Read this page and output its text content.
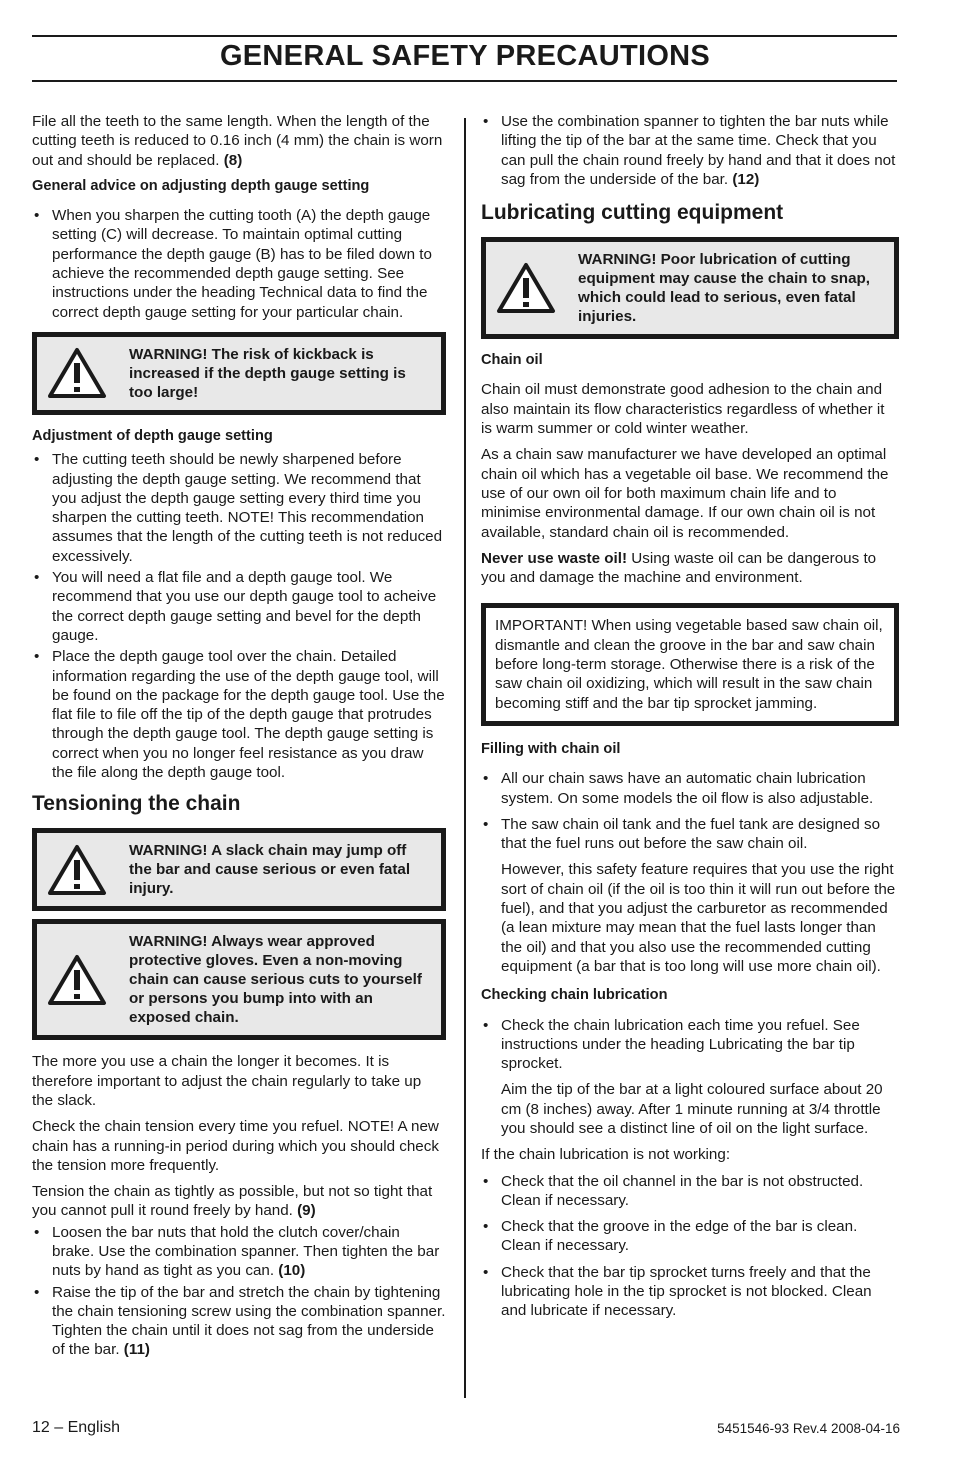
GENERAL SAFETY PRECAUTIONS

File all the teeth to the same length. When the length of the cutting teeth is reduced to 0.16 inch (4 mm) the chain is worn out and should be replaced. (8)

General advice on adjusting depth gauge setting
• When you sharpen the cutting tooth (A) the depth gauge setting (C) will decrease. To maintain optimal cutting performance the depth gauge (B) has to be filed down to achieve the recommended depth gauge setting. See instructions under the heading Technical data to find the correct depth gauge setting for your particular chain.
WARNING! The risk of kickback is increased if the depth gauge setting is too large!
Adjustment of depth gauge setting
• The cutting teeth should be newly sharpened before adjusting the depth gauge setting. We recommend that you adjust the depth gauge setting every third time you sharpen the cutting teeth. NOTE! This recommendation assumes that the length of the cutting teeth is not reduced excessively.
• You will need a flat file and a depth gauge tool. We recommend that you use our depth gauge tool to acheive the correct depth gauge setting and bevel for the depth gauge.
• Place the depth gauge tool over the chain. Detailed information regarding the use of the depth gauge tool, will be found on the package for the depth gauge tool. Use the flat file to file off the tip of the depth gauge that protrudes through the depth gauge tool. The depth gauge setting is correct when you no longer feel resistance as you draw the file along the depth gauge tool.
Tensioning the chain
WARNING! A slack chain may jump off the bar and cause serious or even fatal injury.
WARNING! Always wear approved protective gloves. Even a non-moving chain can cause serious cuts to yourself or persons you bump into with an exposed chain.

The more you use a chain the longer it becomes. It is therefore important to adjust the chain regularly to take up the slack.

Check the chain tension every time you refuel. NOTE! A new chain has a running-in period during which you should check the tension more frequently.

Tension the chain as tightly as possible, but not so tight that you cannot pull it round freely by hand. (9)

• Loosen the bar nuts that hold the clutch cover/chain brake. Use the combination spanner. Then tighten the bar nuts by hand as tight as you can. (10)
• Raise the tip of the bar and stretch the chain by tightening the chain tensioning screw using the combination spanner. Tighten the chain until it does not sag from the underside of the bar. (11)
• Use the combination spanner to tighten the bar nuts while lifting the tip of the bar at the same time. Check that you can pull the chain round freely by hand and that it does not sag from the underside of the bar. (12)
Lubricating cutting equipment
WARNING! Poor lubrication of cutting equipment may cause the chain to snap, which could lead to serious, even fatal injuries.
Chain oil

Chain oil must demonstrate good adhesion to the chain and also maintain its flow characteristics regardless of whether it is warm summer or cold winter weather.

As a chain saw manufacturer we have developed an optimal chain oil which has a vegetable oil base. We recommend the use of our own oil for both maximum chain life and to minimise environmental damage. If our own chain oil is not available, standard chain oil is recommended.

Never use waste oil! Using waste oil can be dangerous to you and damage the machine and environment.

IMPORTANT! When using vegetable based saw chain oil, dismantle and clean the groove in the bar and saw chain before long-term storage. Otherwise there is a risk of the saw chain oil oxidizing, which will result in the saw chain becoming stiff and the bar tip sprocket jamming.
Filling with chain oil
• All our chain saws have an automatic chain lubrication system. On some models the oil flow is also adjustable.
• The saw chain oil tank and the fuel tank are designed so that the fuel runs out before the saw chain oil.

However, this safety feature requires that you use the right sort of chain oil (if the oil is too thin it will run out before the fuel), and that you adjust the carburetor as recommended (a lean mixture may mean that the fuel lasts longer than the oil) and that you also use the recommended cutting equipment (a bar that is too long will use more chain oil).

Checking chain lubrication
• Check the chain lubrication each time you refuel. See instructions under the heading Lubricating the bar tip sprocket.

Aim the tip of the bar at a light coloured surface about 20 cm (8 inches) away. After 1 minute running at 3/4 throttle you should see a distinct line of oil on the light surface.

If the chain lubrication is not working:

• Check that the oil channel in the bar is not obstructed. Clean if necessary.
• Check that the groove in the edge of the bar is clean. Clean if necessary.
• Check that the bar tip sprocket turns freely and that the lubricating hole in the tip sprocket is not blocked. Clean and lubricate if necessary.
12 – English	5451546-93 Rev.4 2008-04-16
